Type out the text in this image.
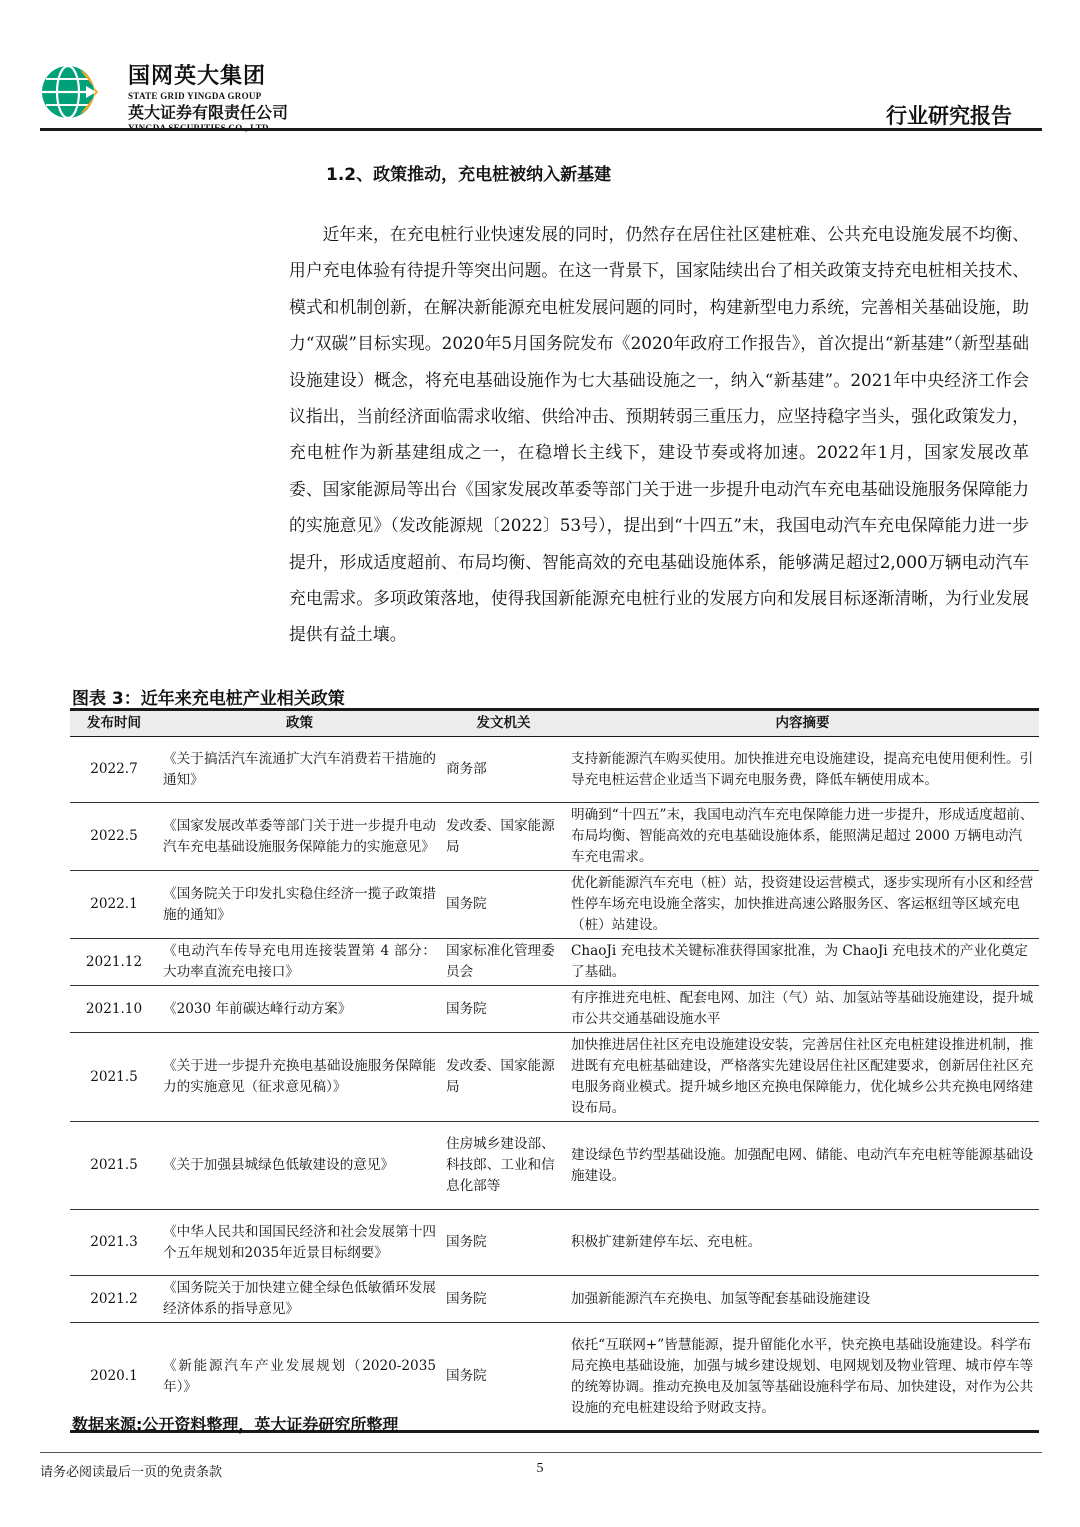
国网英大集团
STATE GRID YINGDA GROUP
英大证券有限责任公司	行业研究报告
1.2、政策推动，充电桩被纳入新基建

近年来，在充电桩行业快速发展的同时，仍然存在居住社区建桩难、公共充电设施发展不均衡、用户充电体验有待提升等突出问题。在这一背景下，国家陆续出台了相关政策支持充电桩相关技术、模式和机制创新，在解决新能源充电桩发展问题的同时，构建新型电力系统，完善相关基础设施，助力“双碳”目标实现。2020年5月国务院发布《2020年政府工作报告》，首次提出“新基建”（新型基础设施建设）概念，将充电基础设施作为七大基础设施之一，纳入“新基建”。2021年中央经济工作会议指出，当前经济面临需求收缩、供给冲击、预期转弱三重压力，应坚持稳字当头，强化政策发力，充电桩作为新基建组成之一，在稳增长主线下，建设节奏或将加速。2022年1月，国家发展改革委、国家能源局等出台《国家发展改革委等部门关于进一步提升电动汽车充电基础设施服务保障能力的实施意见》（发改能源规〔2022〕53号），提出到“十四五”末，我国电动汽车充电保障能力进一步提升，形成适度超前、布局均衡、智能高效的充电基础设施体系，能够满足超过2,000万辆电动汽车充电需求。多项政策落地，使得我国新能源充电桩行业的发展方向和发展目标逐渐清晰，为行业发展提供有益土壤。

图表 3：近年来充电桩产业相关政策
发布时间	政策	发文机关	内容摘要
2022.7	《关于搞活汽车流通扩大汽车消费若干措施的通知》	商务部	支持新能源汽车购买使用。加快推进充电设施建设，提高充电使用便利性。引导充电桩运营企业适当下调充电服务费，降低车辆使用成本。
2022.5	《国家发展改革委等部门关于进一步提升电动汽车充电基础设施服务保障能力的实施意见》	发改委、国家能源局	明确到“十四五”末，我国电动汽车充电保障能力进一步提升，形成适度超前、布局均衡、智能高效的充电基础设施体系，能照满足超过 2000 万辆电动汽车充电需求。
2022.1	《国务院关于印发扎实稳住经济一揽子政策措施的通知》	国务院	优化新能源汽车充电（桩）站，投资建设运营模式，逐步实现所有小区和经营性停车场充电设施全落实，加快推进高速公路服务区、客运枢纽等区域充电（桩）站建设。
2021.12	《电动汽车传导充电用连接装置第 4 部分：大功率直流充电接口》	国家标准化管理委员会	ChaoJi 充电技术关键标准获得国家批准，为 ChaoJi 充电技术的产业化奠定了基础。
2021.10	《2030 年前碳达峰行动方案》	国务院	有序推进充电桩、配套电网、加注（气）站、加氢站等基础设施建设，提升城市公共交通基础设施水平
2021.5	《关于进一步提升充换电基础设施服务保障能力的实施意见（征求意见稿）》	发改委、国家能源局	加快推进居住社区充电设施建设安装，完善居住社区充电桩建设推进机制，推进既有充电桩基础建设，严格落实先建设居住社区配建要求，创新居住社区充电服务商业模式。提升城乡地区充换电保障能力，优化城乡公共充换电网络建设布局。
2021.5	《关于加强县城绿色低敏建设的意见》	住房城乡建设部、科技郎、工业和信息化部等	建设绿色节约型基础设施。加强配电网、储能、电动汽车充电桩等能源基础设施建设。
2021.3	《中华人民共和国国民经济和社会发展第十四个五年规划和2035年近景目标纲要》	国务院	积极扩建新建停车坛、充电桩。
2021.2	《国务院关于加快建立健全绿色低敏循环发展经济体系的指导意见》	国务院	加强新能源汽车充换电、加氢等配套基础设施建设
2020.1	《新能源汽车产业发展规划（2020-2035 年）》	国务院	依托“互联网+”皆慧能源，提升留能化水平，快充换电基础设施建设。科学布局充换电基础设施，加强与城乡建设规划、电网规划及物业管理、城市停车等的统筹协调。推动充换电及加氢等基础设施科学布局、加快建设，对作为公共设施的充电桩建设给予财政支持。
数据来源:公开资料整理，英大证券研究所整理
请务必阅读最后一页的免责条款	5
